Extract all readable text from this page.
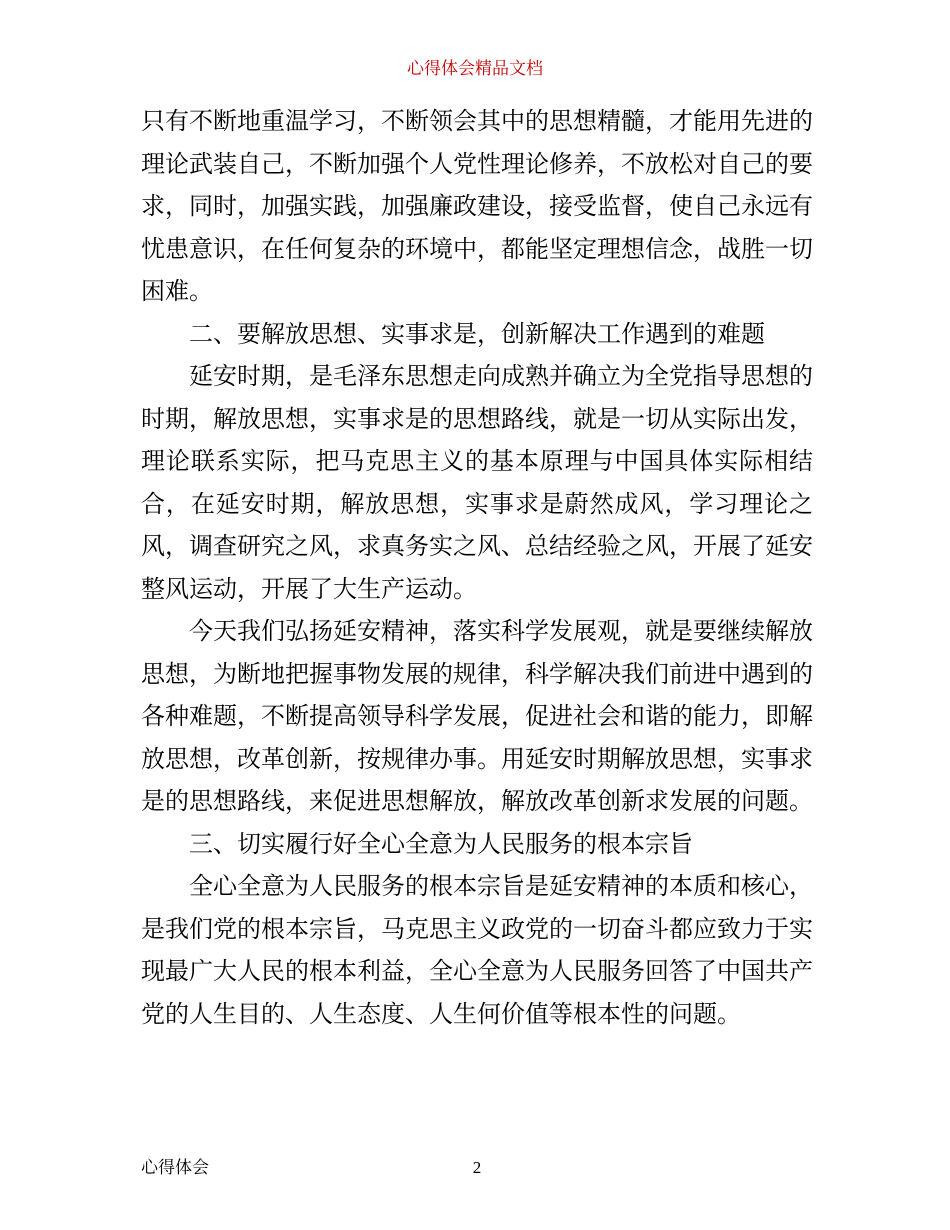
心得体会精品文档

只有不断地重温学习，不断领会其中的思想精髓，才能用先进的理论武装自己，不断加强个人党性理论修养，不放松对自己的要求，同时，加强实践，加强廉政建设，接受监督，使自己永远有忧患意识，在任何复杂的环境中，都能坚定理想信念，战胜一切困难。

二、要解放思想、实事求是，创新解决工作遇到的难题

延安时期，是毛泽东思想走向成熟并确立为全党指导思想的时期，解放思想，实事求是的思想路线，就是一切从实际出发，理论联系实际，把马克思主义的基本原理与中国具体实际相结合，在延安时期，解放思想，实事求是蔚然成风，学习理论之风，调查研究之风，求真务实之风、总结经验之风，开展了延安整风运动，开展了大生产运动。

今天我们弘扬延安精神，落实科学发展观，就是要继续解放思想，为断地把握事物发展的规律，科学解决我们前进中遇到的各种难题，不断提高领导科学发展，促进社会和谐的能力，即解放思想，改革创新，按规律办事。用延安时期解放思想，实事求是的思想路线，来促进思想解放，解放改革创新求发展的问题。

三、切实履行好全心全意为人民服务的根本宗旨

全心全意为人民服务的根本宗旨是延安精神的本质和核心，是我们党的根本宗旨，马克思主义政党的一切奋斗都应致力于实现最广大人民的根本利益，全心全意为人民服务回答了中国共产党的人生目的、人生态度、人生何价值等根本性的问题。

心得体会	2
